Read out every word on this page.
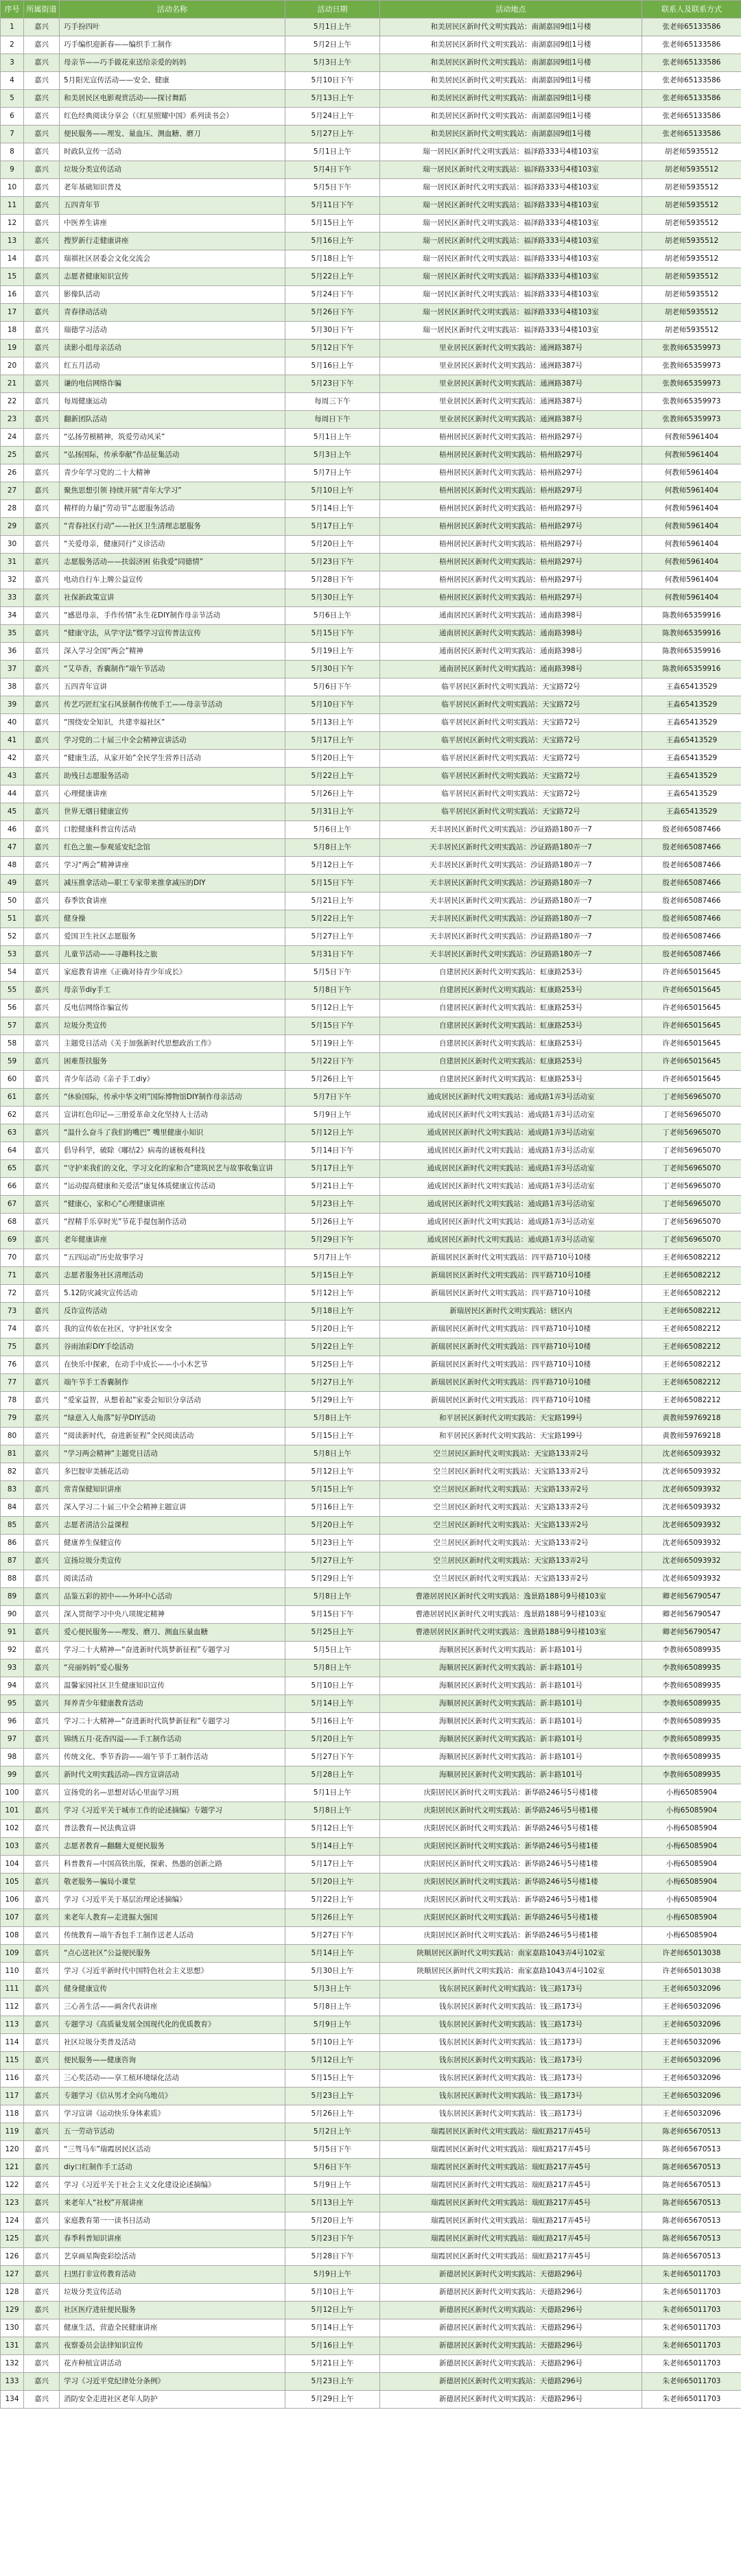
序号	所属街道	活动名称	活动日期	活动地点	联系人及联系方式
1	嘉兴	巧手扮四叶	5月1日上午	和美居民区新时代文明实践站：南湖嘉园9组1号楼	张老师65133586
2	嘉兴	巧手编织迎新春——编织手工制作	5月2日上午	和美居民区新时代文明实践站：南湖嘉园9组1号楼	张老师65133586
3	嘉兴	母亲节——巧手做花束送给亲爱的妈妈	5月3日上午	和美居民区新时代文明实践站：南湖嘉园9组1号楼	张老师65133586
4	嘉兴	5月阳光宣传活动——安全、健康	5月10日下午	和美居民区新时代文明实践站：南湖嘉园9组1号楼	张老师65133586
5	嘉兴	和美居民区电影观赏活动——探讨舞蹈	5月13日上午	和美居民区新时代文明实践站：南湖嘉园9组1号楼	张老师65133586
6	嘉兴	红色经典阅读分享会（《红星照耀中国》系列读书会）	5月24日上午	和美居民区新时代文明实践站：南湖嘉园9组1号楼	张老师65133586
7	嘉兴	便民服务——理发、量血压、测血糖、磨刀	5月27日上午	和美居民区新时代文明实践站：南湖嘉园9组1号楼	张老师65133586
8	嘉兴	时政队宣传一活动	5月1日上午	瑞一居民区新时代文明实践站：福泽路333号4楼103室	胡老师5935512
9	嘉兴	垃圾分类宣传活动	5月4日下午	瑞一居民区新时代文明实践站：福泽路333号4楼103室	胡老师5935512
10	嘉兴	老年基础知识普及	5月5日下午	瑞一居民区新时代文明实践站：福泽路333号4楼103室	胡老师5935512
11	嘉兴	五四青年节	5月11日下午	瑞一居民区新时代文明实践站：福泽路333号4楼103室	胡老师5935512
12	嘉兴	中医养生讲座	5月15日上午	瑞一居民区新时代文明实践站：福泽路333号4楼103室	胡老师5935512
13	嘉兴	搜罗新行走健康讲座	5月16日上午	瑞一居民区新时代文明实践站：福泽路333号4楼103室	胡老师5935512
14	嘉兴	瑞祺社区居委会文化交流会	5月18日上午	瑞一居民区新时代文明实践站：福泽路333号4楼103室	胡老师5935512
15	嘉兴	志愿者健康知识宣传	5月22日上午	瑞一居民区新时代文明实践站：福泽路333号4楼103室	胡老师5935512
16	嘉兴	影像队活动	5月24日下午	瑞一居民区新时代文明实践站：福泽路333号4楼103室	胡老师5935512
17	嘉兴	青春律动活动	5月26日下午	瑞一居民区新时代文明实践站：福泽路333号4楼103室	胡老师5935512
18	嘉兴	瑞德学习活动	5月30日下午	瑞一居民区新时代文明实践站：福泽路333号4楼103室	胡老师5935512
19	嘉兴	读影小组母亲活动	5月12日下午	里业居民区新时代文明实践站：通洲路387号	张教师65359973
20	嘉兴	红五月活动	5月16日上午	里业居民区新时代文明实践站：通洲路387号	张教师65359973
21	嘉兴	谦的电信网络诈骗	5月23日下午	里业居民区新时代文明实践站：通洲路387号	张教师65359973
22	嘉兴	每周健康运动	每周三下午	里业居民区新时代文明实践站：通洲路387号	张教师65359973
23	嘉兴	翻新团队活动	每周日下午	里业居民区新时代文明实践站：通洲路387号	张教师65359973
24	嘉兴	“弘扬劳模精神，筑爱劳动风采”	5月1日上午	梧州居民区新时代文明实践站：梧州路297号	何教师5961404
25	嘉兴	“弘扬国际，传承奉献”作品征集活动	5月3日上午	梧州居民区新时代文明实践站：梧州路297号	何教师5961404
26	嘉兴	青少年学习党的二十大精神	5月7日上午	梧州居民区新时代文明实践站：梧州路297号	何教师5961404
27	嘉兴	聚焦思想引领 持续开展“青年大学习”	5月10日上午	梧州居民区新时代文明实践站：梧州路297号	何教师5961404
28	嘉兴	精样的力量|“劳动节”志愿服务活动	5月14日上午	梧州居民区新时代文明实践站：梧州路297号	何教师5961404
29	嘉兴	“青春社区行动”——社区卫生清理志愿服务	5月17日上午	梧州居民区新时代文明实践站：梧州路297号	何教师5961404
30	嘉兴	“关爱母亲，健康同行”义诊活动	5月20日上午	梧州居民区新时代文明实践站：梧州路297号	何教师5961404
31	嘉兴	志愿服务活动——扶弱济困 佑我爱“同德情”	5月23日下午	梧州居民区新时代文明实践站：梧州路297号	何教师5961404
32	嘉兴	电动自行车上牌公益宣传	5月28日下午	梧州居民区新时代文明实践站：梧州路297号	何教师5961404
33	嘉兴	社保新政策宣讲	5月30日上午	梧州居民区新时代文明实践站：梧州路297号	何教师5961404
34	嘉兴	“感恩母亲，手作传情”永生花DIY制作母亲节活动	5月6日上午	通南居民区新时代文明实践站：通南路398号	陈教师65359916
35	嘉兴	“健康守法，从学守法”暨学习宣传普法宣传	5月15日下午	通南居民区新时代文明实践站：通南路398号	陈教师65359916
36	嘉兴	深入学习全国“两会”精神	5月19日上午	通南居民区新时代文明实践站：通南路398号	陈教师65359916
37	嘉兴	“艾草香，香囊制作”端午节活动	5月30日下午	通南居民区新时代文明实践站：通南路398号	陈教师65359916
38	嘉兴	五四青年宣讲	5月6日下午	临平居民区新时代文明实践站：天宝路72号	王淼65413529
39	嘉兴	传艺巧匠红宝石风景制作传统手工——母亲节活动	5月10日下午	临平居民区新时代文明实践站：天宝路72号	王淼65413529
40	嘉兴	“围绕安全知识，共建幸福社区”	5月13日上午	临平居民区新时代文明实践站：天宝路72号	王淼65413529
41	嘉兴	学习党的二十届三中全会精神宣讲活动	5月17日上午	临平居民区新时代文明实践站：天宝路72号	王淼65413529
42	嘉兴	“健康生活，从家开始”全民学生营养日活动	5月20日上午	临平居民区新时代文明实践站：天宝路72号	王淼65413529
43	嘉兴	助残日志愿服务活动	5月22日上午	临平居民区新时代文明实践站：天宝路72号	王淼65413529
44	嘉兴	心理健康讲座	5月26日上午	临平居民区新时代文明实践站：天宝路72号	王淼65413529
45	嘉兴	世界无烟日健康宣传	5月31日上午	临平居民区新时代文明实践站：天宝路72号	王淼65413529
46	嘉兴	口腔健康科普宣传活动	5月6日上午	天丰居民区新时代文明实践站：沙证路路180弄一7	殷老师65087466
47	嘉兴	红色之旅—参观延安纪念馆	5月8日上午	天丰居民区新时代文明实践站：沙证路路180弄一7	殷老师65087466
48	嘉兴	学习“两会”精神讲座	5月12日上午	天丰居民区新时代文明实践站：沙证路路180弄一7	殷老师65087466
49	嘉兴	减压推拿活动—职工专家带来推拿减压的DIY	5月15日下午	天丰居民区新时代文明实践站：沙证路路180弄一7	殷老师65087466
50	嘉兴	春季饮食讲座	5月21日上午	天丰居民区新时代文明实践站：沙证路路180弄一7	殷老师65087466
51	嘉兴	健身操	5月22日上午	天丰居民区新时代文明实践站：沙证路路180弄一7	殷老师65087466
52	嘉兴	爱国卫生社区志愿服务	5月27日上午	天丰居民区新时代文明实践站：沙证路路180弄一7	殷老师65087466
53	嘉兴	儿童节活动——寻趣科技之旅	5月31日下午	天丰居民区新时代文明实践站：沙证路路180弄一7	殷老师65087466
54	嘉兴	家庭教育讲座《正确对待青少年成长》	5月5日下午	自建居民区新时代文明实践站：虹康路253号	许老师65015645
55	嘉兴	母亲节diy手工	5月8日下午	自建居民区新时代文明实践站：虹康路253号	许老师65015645
56	嘉兴	反电信网络诈骗宣传	5月12日上午	自建居民区新时代文明实践站：虹康路253号	许老师65015645
57	嘉兴	垃圾分类宣传	5月15日下午	自建居民区新时代文明实践站：虹康路253号	许老师65015645
58	嘉兴	主题党日活动《关于加强新时代思想政治工作》	5月19日上午	自建居民区新时代文明实践站：虹康路253号	许老师65015645
59	嘉兴	困难帮扶服务	5月22日下午	自建居民区新时代文明实践站：虹康路253号	许老师65015645
60	嘉兴	青少年活动《亲子手工diy》	5月26日上午	自建居民区新时代文明实践站：虹康路253号	许老师65015645
61	嘉兴	“休验国际，传承中华文明”国际博物馆DIY制作母亲活动	5月7日下午	通成居民区新时代文明实践站：通成路1弄3号活动室	丁老师56965070
62	嘉兴	宣讲红色印记—三册爱革命文化坚持人士活动	5月9日上午	通成居民区新时代文明实践站：通成路1弄3号活动室	丁老师56965070
63	嘉兴	“温什么奋斗了我们的嘴巴” 嘴里健康小知识	5月12日上午	通成居民区新时代文明实践站：通成路1弄3号活动室	丁老师56965070
64	嘉兴	倡导科学，破除《嘟结2》病毒的谜极观科技	5月14日下午	通成居民区新时代文明实践站：通成路1弄3号活动室	丁老师56965070
65	嘉兴	“守护来我们的文化，学习文化的家和合”建筑民艺与故事收集宣讲	5月17日上午	通成居民区新时代文明实践站：通成路1弄3号活动室	丁老师56965070
66	嘉兴	“运动提高健康和关爱活”康复体质健康宣传活动	5月21日上午	通成居民区新时代文明实践站：通成路1弄3号活动室	丁老师56965070
67	嘉兴	“健康心，家和心”心理健康讲座	5月23日上午	通成居民区新时代文明实践站：通成路1弄3号活动室	丁老师56965070
68	嘉兴	“捏精手乐享时光”节花手提包制作活动	5月26日上午	通成居民区新时代文明实践站：通成路1弄3号活动室	丁老师56965070
69	嘉兴	老年健康讲座	5月29日下午	通成居民区新时代文明实践站：通成路1弄3号活动室	丁老师56965070
70	嘉兴	“五四运动”历史故事学习	5月7日上午	新瑞居民区新时代文明实践站：四平路710号10楼	王老师65082212
71	嘉兴	志愿者服务社区清理活动	5月15日上午	新瑞居民区新时代文明实践站：四平路710号10楼	王老师65082212
72	嘉兴	5.12防灾减灾宣传活动	5月12日上午	新瑞居民区新时代文明实践站：四平路710号10楼	王老师65082212
73	嘉兴	反诈宣传活动	5月18日上午	新瑞居民区新时代文明实践站：辖区内	王老师65082212
74	嘉兴	我的宣传依在社区，守护社区安全	5月20日上午	新瑞居民区新时代文明实践站：四平路710号10楼	王老师65082212
75	嘉兴	谷雨油彩DIY手绘活动	5月22日上午	新瑞居民区新时代文明实践站：四平路710号10楼	王老师65082212
76	嘉兴	在快乐中探索，在动手中成长——小小木艺节	5月25日上午	新瑞居民区新时代文明实践站：四平路710号10楼	王老师65082212
77	嘉兴	端午节手工香囊制作	5月27日上午	新瑞居民区新时代文明实践站：四平路710号10楼	王老师65082212
78	嘉兴	“爱家益智，从想着起”家委会知识分享活动	5月29日上午	新瑞居民区新时代文明实践站：四平路710号10楼	王老师65082212
79	嘉兴	“绿意入人角落”好孕DIY活动	5月8日上午	和平居民区新时代文明实践站：天宝路199号	黄教师59769218
80	嘉兴	“阅读新时代，奋进新征程”全民阅读活动	5月15日上午	和平居民区新时代文明实践站：天宝路199号	黄教师59769218
81	嘉兴	“学习两会精神”主题党日活动	5月8日上午	空兰居民区新时代文明实践站：天宝路133弄2号	沈老师65093932
82	嘉兴	多巴胺审美插花活动	5月12日上午	空兰居民区新时代文明实践站：天宝路133弄2号	沈老师65093932
83	嘉兴	常青保健知识讲座	5月15日上午	空兰居民区新时代文明实践站：天宝路133弄2号	沈老师65093932
84	嘉兴	深入学习二十届三中全会精神主题宣讲	5月16日上午	空兰居民区新时代文明实践站：天宝路133弄2号	沈老师65093932
85	嘉兴	志愿者清洁公益课程	5月20日上午	空兰居民区新时代文明实践站：天宝路133弄2号	沈老师65093932
86	嘉兴	健康养生保健宣传	5月23日上午	空兰居民区新时代文明实践站：天宝路133弄2号	沈老师65093932
87	嘉兴	宣扬垃圾分类宣传	5月27日上午	空兰居民区新时代文明实践站：天宝路133弄2号	沈老师65093932
88	嘉兴	阅读活动	5月29日上午	空兰居民区新时代文明实践站：天宝路133弄2号	沈老师65093932
89	嘉兴	品鉴五彩的初中——外环中心活动	5月8日上午	曹港居居民区新时代文明实践站：逸景路188号9号楼103室	卿老师56790547
90	嘉兴	深入贯彻学习中央八项规定精神	5月15日下午	曹港居居民区新时代文明实践站：逸景路188号9号楼103室	卿老师56790547
91	嘉兴	爱心便民服务——理发、磨刀、测血压量血糖	5月25日上午	曹港居居民区新时代文明实践站：逸景路188号9号楼103室	卿老师56790547
92	嘉兴	学习二十大精神—“奋进新时代筑梦新征程”专题学习	5月5日上午	海顺居民区新时代文明实践站：新丰路101号	李教师65089935
93	嘉兴	“亮丽妈妈”爱心服务	5月8日上午	海顺居民区新时代文明实践站：新丰路101号	李教师65089935
94	嘉兴	温馨家园社区卫生健康知识宣传	5月10日上午	海顺居民区新时代文明实践站：新丰路101号	李教师65089935
95	嘉兴	拜养青少年健康教育活动	5月14日上午	海顺居民区新时代文明实践站：新丰路101号	李教师65089935
96	嘉兴	学习二十大精神—“奋进新时代筑梦新征程”专题学习	5月16日上午	海顺居民区新时代文明实践站：新丰路101号	李教师65089935
97	嘉兴	锦绣五月·花香四溢——手工制作活动	5月20日上午	海顺居民区新时代文明实践站：新丰路101号	李教师65089935
98	嘉兴	传统文化、季节香韵——端午节手工制作活动	5月27日下午	海顺居民区新时代文明实践站：新丰路101号	李教师65089935
99	嘉兴	新时代文明实践活动—四方宣讲活动	5月28日上午	海顺居民区新时代文明实践站：新丰路101号	李教师65089935
100	嘉兴	宣扬党的名—思想对话心里面学习班	5月1日上午	庆阳居民区新时代文明实践站：新华路246号5号楼1楼	小梅65085904
101	嘉兴	学习《习近平关于城市工作的论述摘编》专题学习	5月8日上午	庆阳居民区新时代文明实践站：新华路246号5号楼1楼	小梅65085904
102	嘉兴	普法教育—民法典宣讲	5月12日上午	庆阳居民区新时代文明实践站：新华路246号5号楼1楼	小梅65085904
103	嘉兴	志愿者教育—翻翻大夏便民服务	5月14日上午	庆阳居民区新时代文明实践站：新华路246号5号楼1楼	小梅65085904
104	嘉兴	科普教育—中国高铁出版，探索、热愚的创新之路	5月17日上午	庆阳居民区新时代文明实践站：新华路246号5号楼1楼	小梅65085904
105	嘉兴	敬老服务—骗局小课堂	5月20日上午	庆阳居民区新时代文明实践站：新华路246号5号楼1楼	小梅65085904
106	嘉兴	学习《习近平关于基层治理论述摘编》	5月22日上午	庆阳居民区新时代文明实践站：新华路246号5号楼1楼	小梅65085904
107	嘉兴	来老年人教育—走进掘大强国	5月26日上午	庆阳居民区新时代文明实践站：新华路246号5号楼1楼	小梅65085904
108	嘉兴	传统教育—端午香包手工制作送老人活动	5月27日下午	庆阳居民区新时代文明实践站：新华路246号5号楼1楼	小梅65085904
109	嘉兴	“点心送社区”公益便民服务	5月14日上午	陕顺居民区新时代文明实践站：南家嘉路1043弄4号102室	许老师65013038
110	嘉兴	学习《习近平新时代中国特色社会主义思想》	5月30日上午	陕顺居民区新时代文明实践站：南家嘉路1043弄4号102室	许老师65013038
111	嘉兴	健身健康宣传	5月3日上午	钱东居民区新时代文明实践站：钱三路173号	王老师65032096
112	嘉兴	三心善生活——画舍代表讲座	5月8日上午	钱东居民区新时代文明实践站：钱三路173号	王老师65032096
113	嘉兴	专题学习《高质量发展全国现代化的优质教育》	5月9日上午	钱东居民区新时代文明实践站：钱三路173号	王老师65032096
114	嘉兴	社区垃圾分类普及活动	5月10日上午	钱东居民区新时代文明实践站：钱三路173号	王老师65032096
115	嘉兴	便民服务——健康咨询	5月12日上午	钱东居民区新时代文明实践站：钱三路173号	王老师65032096
116	嘉兴	三心奖活动——享工植环境绿化活动	5月15日上午	钱东居民区新时代文明实践站：钱三路173号	王老师65032096
117	嘉兴	专题学习《信从男才全向乌地员》	5月23日上午	钱东居民区新时代文明实践站：钱三路173号	王老师65032096
118	嘉兴	学习宣讲《运动快乐身体素质》	5月26日上午	钱东居民区新时代文明实践站：钱三路173号	王老师65032096
119	嘉兴	五一劳动节活动	5月2日上午	瑞霞居民区新时代文明实践站：瑞虹路217弄45号	陈老师65670513
120	嘉兴	“三驾马车”瑞霞居民区活动	5月5日下午	瑞霞居民区新时代文明实践站：瑞虹路217弄45号	陈老师65670513
121	嘉兴	diy口红制作手工活动	5月6日下午	瑞霞居民区新时代文明实践站：瑞虹路217弄45号	陈老师65670513
122	嘉兴	学习《习近平关于社会主义文化建设论述摘编》	5月9日上午	瑞霞居民区新时代文明实践站：瑞虹路217弄45号	陈老师65670513
123	嘉兴	来老年人“社校”开展讲座	5月13日上午	瑞霞居民区新时代文明实践站：瑞虹路217弄45号	陈老师65670513
124	嘉兴	家庭教育第一一读书日活动	5月20日上午	瑞霞居民区新时代文明实践站：瑞虹路217弄45号	陈老师65670513
125	嘉兴	春季科普知识讲座	5月23日下午	瑞霞居民区新时代文明实践站：瑞虹路217弄45号	陈老师65670513
126	嘉兴	艺享画星陶瓷彩绘活动	5月28日下午	瑞霞居民区新时代文明实践站：瑞虹路217弄45号	陈老师65670513
127	嘉兴	扫黑打非宣传教育活动	5月9日上午	新德居民区新时代文明实践站：天德路296号	朱老师65011703
128	嘉兴	垃圾分类宣传活动	5月10日上午	新德居民区新时代文明实践站：天德路296号	朱老师65011703
129	嘉兴	社区医疗进驻便民服务	5月12日上午	新德居民区新时代文明实践站：天德路296号	朱老师65011703
130	嘉兴	健康生活，营造全民健康讲座	5月14日上午	新德居民区新时代文明实践站：天德路296号	朱老师65011703
131	嘉兴	夜察委员会法律知识宣传	5月16日上午	新德居民区新时代文明实践站：天德路296号	朱老师65011703
132	嘉兴	花卉种植宣讲活动	5月21日上午	新德居民区新时代文明实践站：天德路296号	朱老师65011703
133	嘉兴	学习《习近平党纪律处分条例》	5月23日上午	新德居民区新时代文明实践站：天德路296号	朱老师65011703
134	嘉兴	消防安全走进社区老年人防护	5月29日上午	新德居民区新时代文明实践站：天德路296号	朱老师65011703
